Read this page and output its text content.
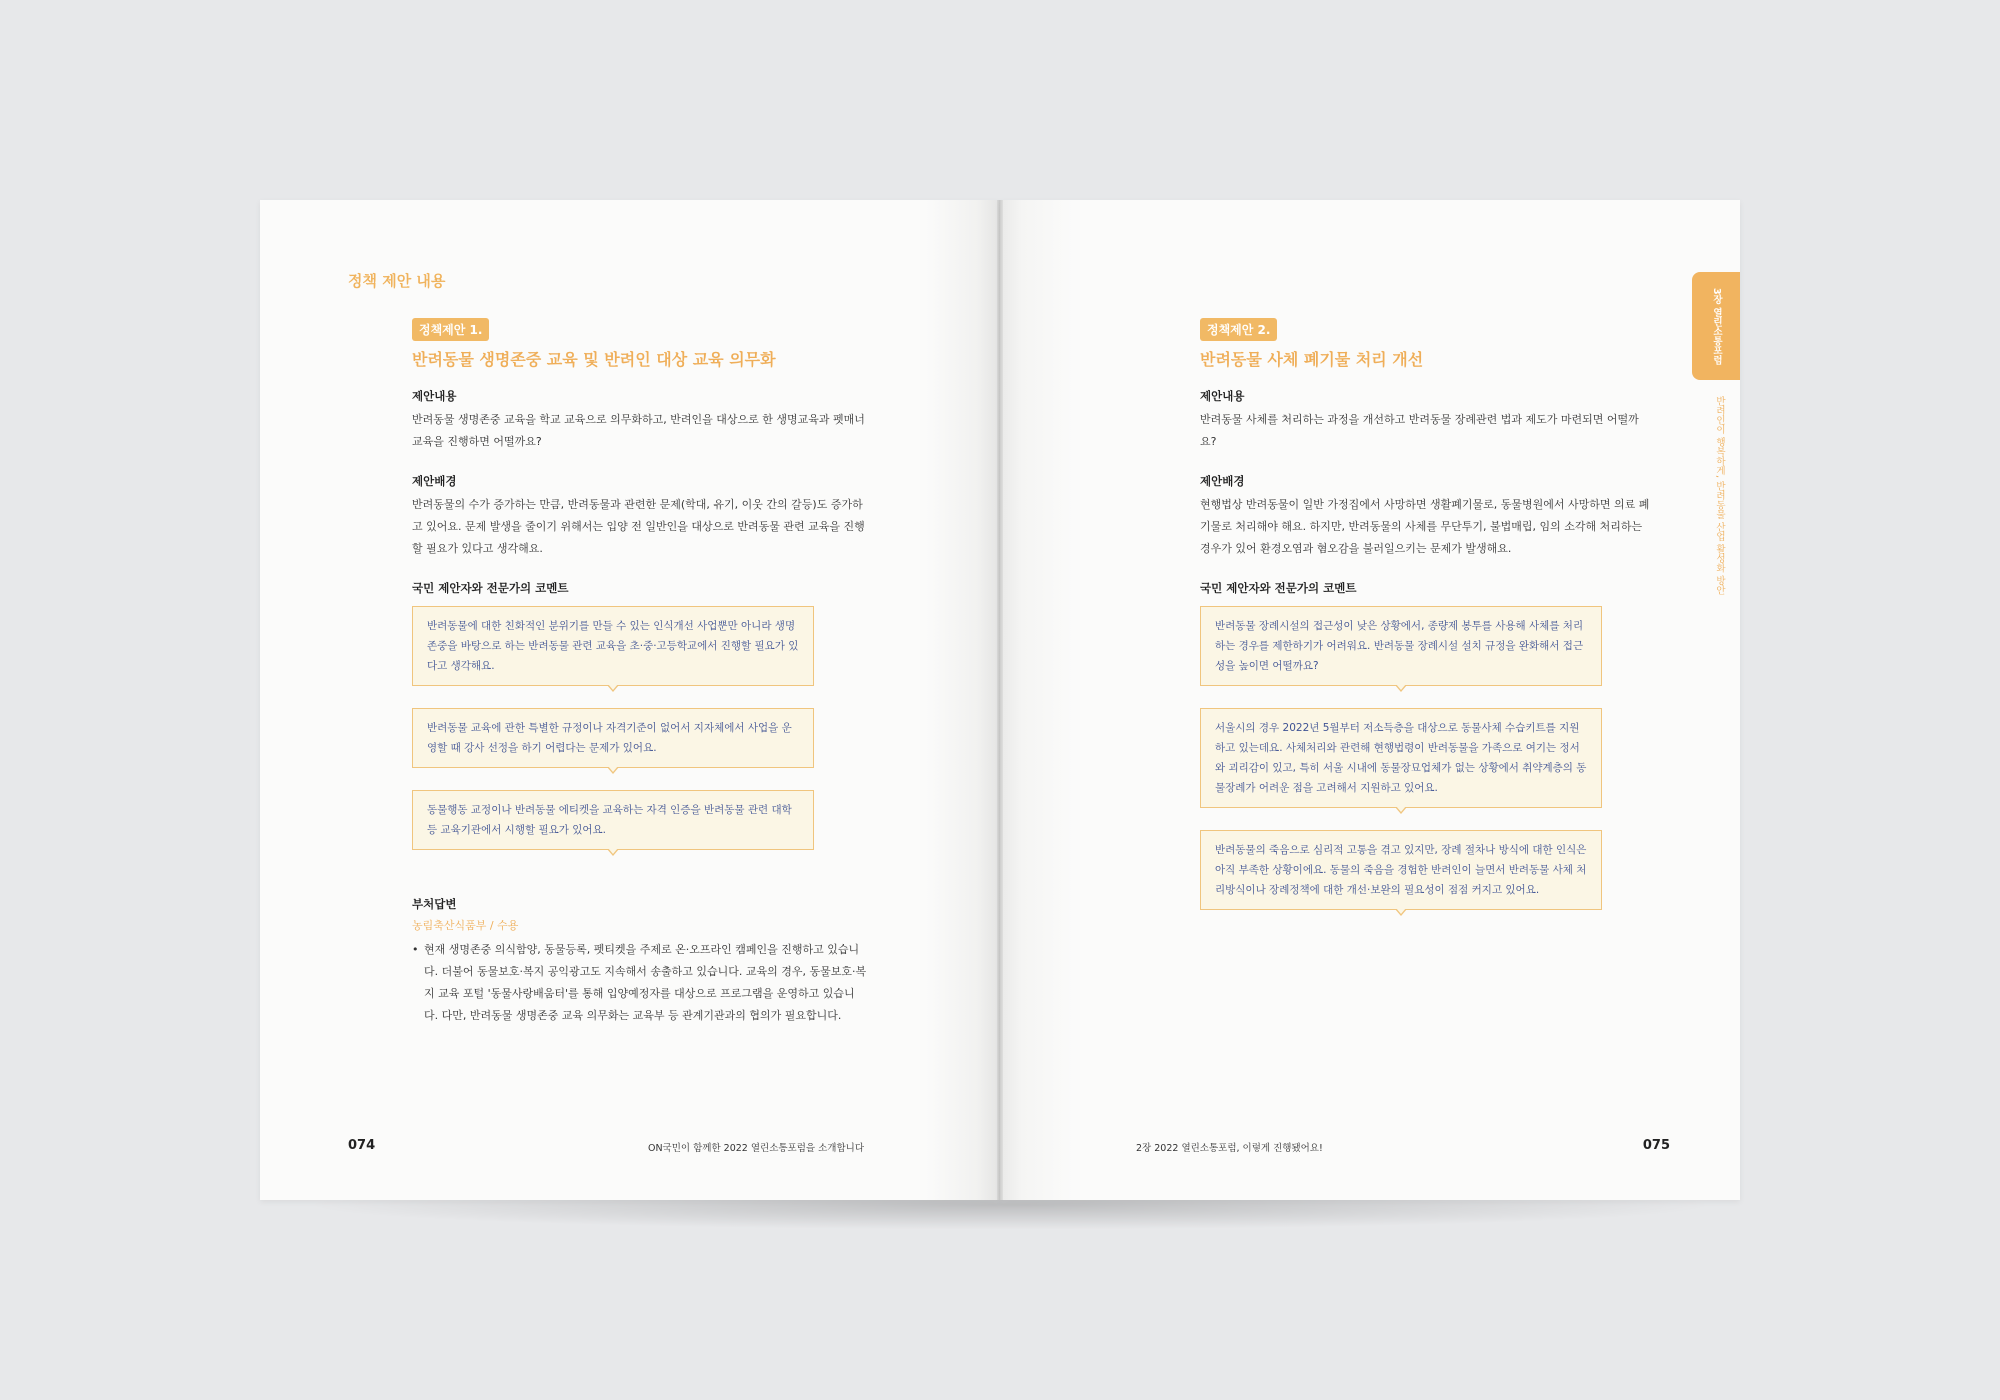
정책 제안 내용
정책제안 1.
반려동물 생명존중 교육 및 반려인 대상 교육 의무화
제안내용
반려동물 생명존중 교육을 학교 교육으로 의무화하고, 반려인을 대상으로 한 생명교육과 펫매너 교육을 진행하면 어떨까요?
제안배경
반려동물의 수가 증가하는 만큼, 반려동물과 관련한 문제(학대, 유기, 이웃 간의 갈등)도 증가하고 있어요. 문제 발생을 줄이기 위해서는 입양 전 일반인을 대상으로 반려동물 관련 교육을 진행할 필요가 있다고 생각해요.
국민 제안자와 전문가의 코멘트
반려동물에 대한 친화적인 분위기를 만들 수 있는 인식개선 사업뿐만 아니라 생명존중을 바탕으로 하는 반려동물 관련 교육을 초·중·고등학교에서 진행할 필요가 있다고 생각해요.
반려동물 교육에 관한 특별한 규정이나 자격기준이 없어서 지자체에서 사업을 운영할 때 강사 선정을 하기 어렵다는 문제가 있어요.
동물행동 교정이나 반려동물 에티켓을 교육하는 자격 인증을 반려동물 관련 대학 등 교육기관에서 시행할 필요가 있어요.
부처답변
농림축산식품부 / 수용
• 현재 생명존중 의식함양, 동물등록, 펫티켓을 주제로 온·오프라인 캠페인을 진행하고 있습니다. 더불어 동물보호·복지 공익광고도 지속해서 송출하고 있습니다. 교육의 경우, 동물보호·복지 교육 포털 '동물사랑배움터'를 통해 입양예정자를 대상으로 프로그램을 운영하고 있습니다. 다만, 반려동물 생명존중 교육 의무화는 교육부 등 관계기관과의 협의가 필요합니다.
074	ON국민이 함께한 2022 열린소통포럼을 소개합니다
정책제안 2.
반려동물 사체 폐기물 처리 개선
제안내용
반려동물 사체를 처리하는 과정을 개선하고 반려동물 장례관련 법과 제도가 마련되면 어떨까요?
제안배경
현행법상 반려동물이 일반 가정집에서 사망하면 생활폐기물로, 동물병원에서 사망하면 의료 폐기물로 처리해야 해요. 하지만, 반려동물의 사체를 무단투기, 불법매립, 임의 소각해 처리하는 경우가 있어 환경오염과 혐오감을 불러일으키는 문제가 발생해요.
국민 제안자와 전문가의 코멘트
반려동물 장례시설의 접근성이 낮은 상황에서, 종량제 봉투를 사용해 사체를 처리하는 경우를 제한하기가 어려워요. 반려동물 장례시설 설치 규정을 완화해서 접근성을 높이면 어떨까요?
서울시의 경우 2022년 5월부터 저소득층을 대상으로 동물사체 수습키트를 지원하고 있는데요. 사체처리와 관련해 현행법령이 반려동물을 가족으로 여기는 정서와 괴리감이 있고, 특히 서울 시내에 동물장묘업체가 없는 상황에서 취약계층의 동물장례가 어려운 점을 고려해서 지원하고 있어요.
반려동물의 죽음으로 심리적 고통을 겪고 있지만, 장례 절차나 방식에 대한 인식은 아직 부족한 상황이에요. 동물의 죽음을 경험한 반려인이 늘면서 반려동물 사체 처리방식이나 장례정책에 대한 개선·보완의 필요성이 점점 커지고 있어요.
3장 열린소통포럼
반려인이 행복하게, 반려동물 산업 활성화 방안
2장 2022 열린소통포럼, 이렇게 진행됐어요!	075
